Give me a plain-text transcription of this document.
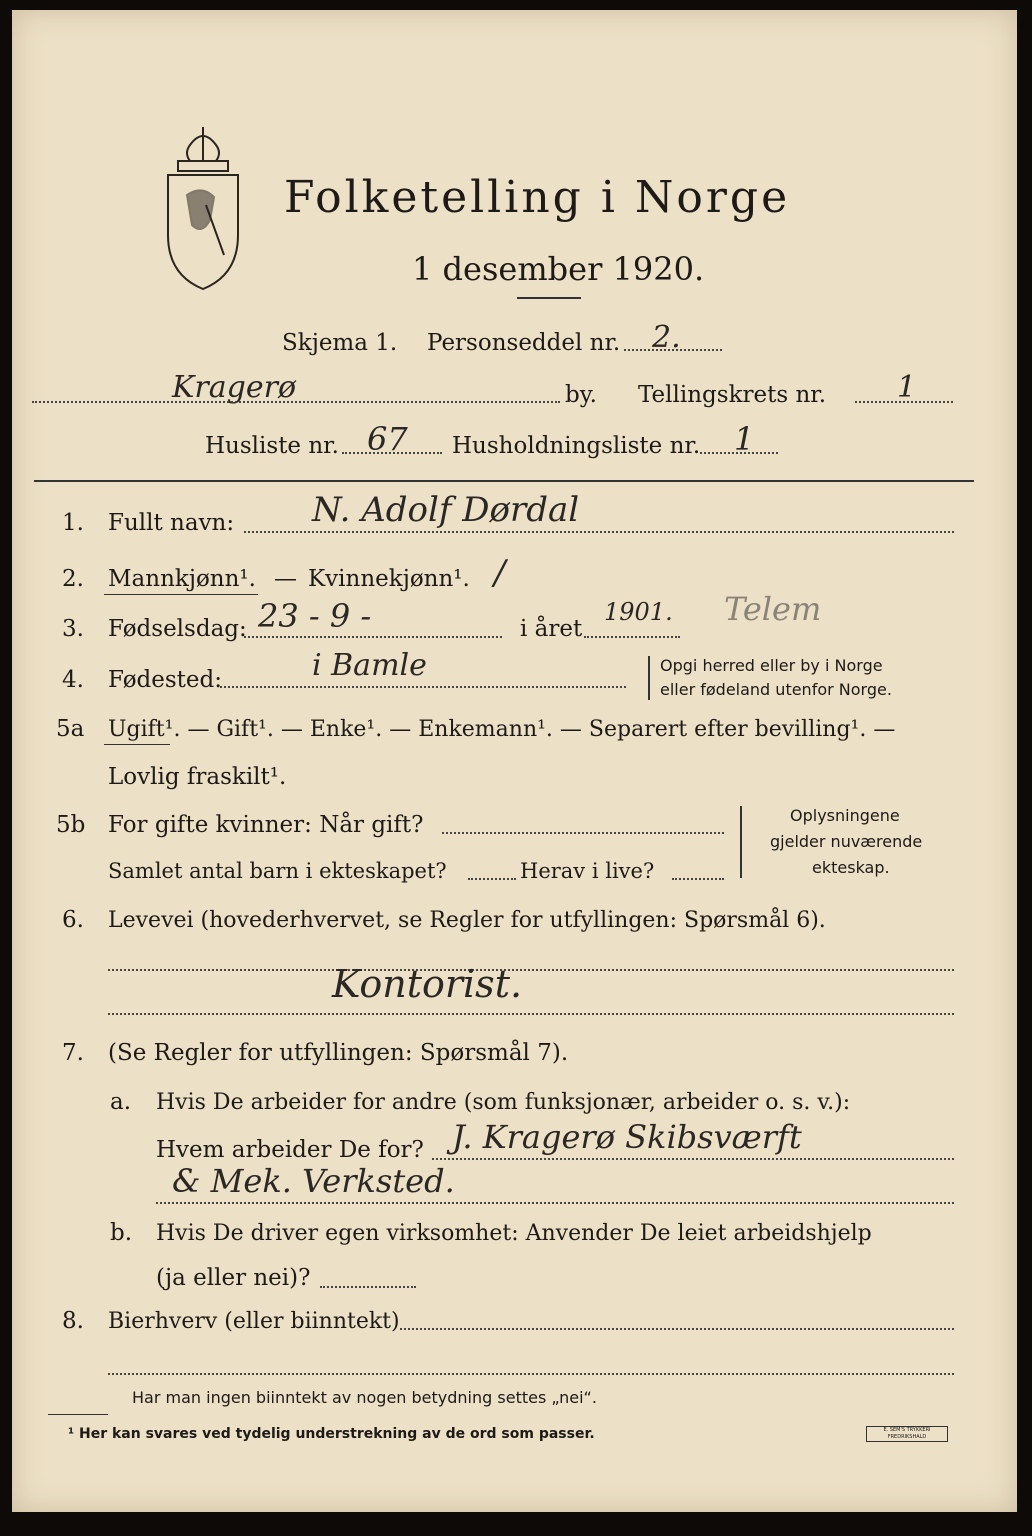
Folketelling i Norge
1 desember 1920.
Skjema 1. Personseddel nr. 2.
Kragerø	by. Tellingskrets nr. 1
Husliste nr. 67 Husholdningsliste nr. 1
1. Fullt navn: N. Adolf Dørdal
2. Mannkjønn¹. — Kvinnekjønn¹. /
3. Fødselsdag: 23 - 9 -	i året
1901. Telem
4. Fødested:	i Bamle	Opgi herred eller by i Norge
eller fødeland utenfor Norge.
5a Ugift¹. — Gift¹. — Enke¹. — Enkemann¹. — Separert efter bevilling¹. —
Lovlig fraskilt¹.
5b For gifte kvinner: Når gift?
Samlet antal barn i ekteskapet?	Herav i live?
Oplysningene
gjelder nuværende
ekteskap.
6. Levevei (hovederhvervet, se Regler for utfyllingen: Spørsmål 6).
Kontorist.
7. (Se Regler for utfyllingen: Spørsmål 7).
a. Hvis De arbeider for andre (som funksjonær, arbeider o. s. v.):
Hvem arbeider De for? J. Kragerø Skibsværft
& Mek. Verksted.
b. Hvis De driver egen virksomhet: Anvender De leiet arbeidshjelp
(ja eller nei)?
8. Bierhverv (eller biinntekt)
Har man ingen biinntekt av nogen betydning settes „nei“.
¹ Her kan svares ved tydelig understrekning av de ord som passer.	E. SEM'S TRYKKERI FREDRIKSHALD
